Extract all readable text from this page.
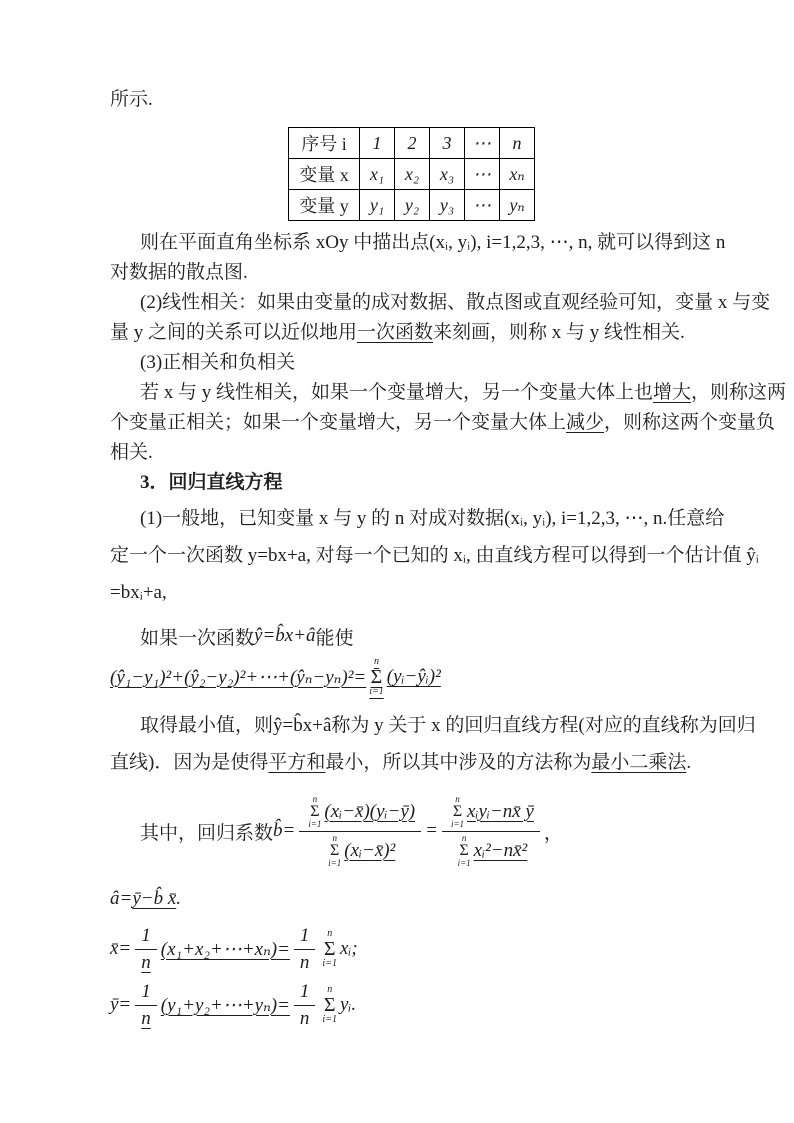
所示.

序号 i	1	2	3	⋯	n
变量 x	x₁	x₂	x₃	⋯	xₙ
变量 y	y₁	y₂	y₃	⋯	yₙ

则在平面直角坐标系 xOy 中描出点(xᵢ, yᵢ), i=1,2,3, ⋯, n, 就可以得到这 n

对数据的散点图.

(2)线性相关：如果由变量的成对数据、散点图或直观经验可知，变量 x 与变

量 y 之间的关系可以近似地用一次函数来刻画，则称 x 与 y 线性相关.

(3)正相关和负相关

若 x 与 y 线性相关，如果一个变量增大，另一个变量大体上也增大，则称这两

个变量正相关；如果一个变量增大，另一个变量大体上减少，则称这两个变量负

相关.

3．回归直线方程

(1)一般地，已知变量 x 与 y 的 n 对成对数据(xᵢ, yᵢ), i=1,2,3, ⋯, n.任意给

定一个一次函数 y=bx+a, 对每一个已知的 xᵢ, 由直线方程可以得到一个估计值 ŷᵢ

=bxᵢ+a,

如果一次函数 ŷ=b̂x+â 能使
(ŷ₁−y₁)²+(ŷ₂−y₂)²+⋯+(ŷₙ−yₙ)²=
n
Σ
i=1
(yᵢ−ŷᵢ)²

取得最小值，则ŷ=b̂x+â称为 y 关于 x 的回归直线方程(对应的直线称为回归

直线)．因为是使得平方和最小，所以其中涉及的方法称为最小二乘法.

其中，回归系数 b̂= n
Σ
i=1
(xᵢ−x̄)(yᵢ−ȳ)
n
Σ
i=1
(xᵢ−x̄)² = n
Σ
i=1
xᵢyᵢ−nx̄ ȳ
n
Σ
i=1
xᵢ²−nx̄² ，
â= ȳ−b̂ x̄ .
x̄= $\frac{1}{n}$ (x₁+x₂+⋯+xₙ)= $\frac{1}{n}$ n
Σ
i=1
xᵢ;
ȳ= $\frac{1}{n}$ (y₁+y₂+⋯+yₙ)= $\frac{1}{n}$ n
Σ
i=1
yᵢ.
